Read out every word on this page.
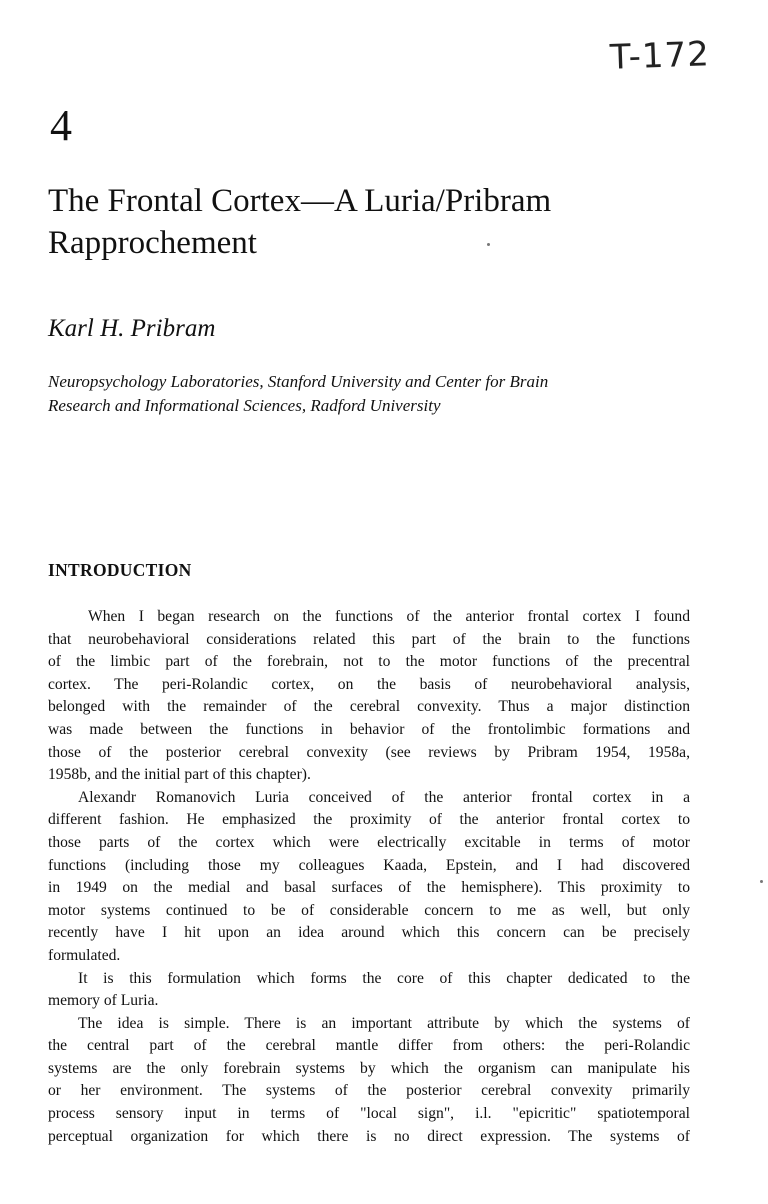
T-172
4
The Frontal Cortex—A Luria/Pribram
Rapprochement
Karl H. Pribram
Neuropsychology Laboratories, Stanford University and Center for Brain
Research and Informational Sciences, Radford University
INTRODUCTION
When I began research on the functions of the anterior frontal cortex I found
that neurobehavioral considerations related this part of the brain to the functions
of the limbic part of the forebrain, not to the motor functions of the precentral
cortex. The peri-Rolandic cortex, on the basis of neurobehavioral analysis,
belonged with the remainder of the cerebral convexity. Thus a major distinction
was made between the functions in behavior of the frontolimbic formations and
those of the posterior cerebral convexity (see reviews by Pribram 1954, 1958a,
1958b, and the initial part of this chapter).
Alexandr Romanovich Luria conceived of the anterior frontal cortex in a
different fashion. He emphasized the proximity of the anterior frontal cortex to
those parts of the cortex which were electrically excitable in terms of motor
functions (including those my colleagues Kaada, Epstein, and I had discovered
in 1949 on the medial and basal surfaces of the hemisphere). This proximity to
motor systems continued to be of considerable concern to me as well, but only
recently have I hit upon an idea around which this concern can be precisely
formulated.
It is this formulation which forms the core of this chapter dedicated to the
memory of Luria.
The idea is simple. There is an important attribute by which the systems of
the central part of the cerebral mantle differ from others: the peri-Rolandic
systems are the only forebrain systems by which the organism can manipulate his
or her environment. The systems of the posterior cerebral convexity primarily
process sensory input in terms of "local sign", i.l. "epicritic" spatiotemporal
perceptual organization for which there is no direct expression. The systems of
